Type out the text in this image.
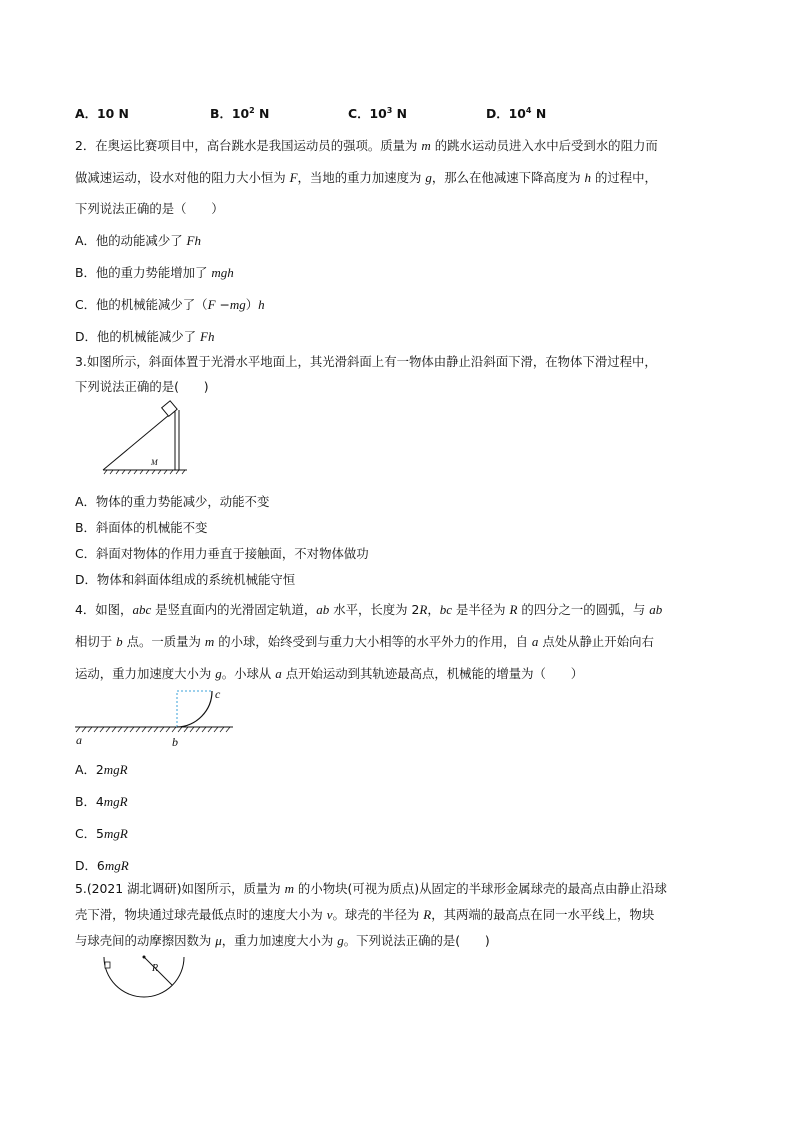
A．10 N	B．$10^2$ N	C．$10^3$ N	D．$10^4$ N
2．在奥运比赛项目中，高台跳水是我国运动员的强项。质量为 m 的跳水运动员进入水中后受到水的阻力而
做减速运动，设水对他的阻力大小恒为 F，当地的重力加速度为 g，那么在他减速下降高度为 h 的过程中，
下列说法正确的是（　　）
A．他的动能减少了 Fh
B．他的重力势能增加了 mgh
C．他的机械能减少了（F −mg）h
D．他的机械能减少了 Fh
3.如图所示，斜面体置于光滑水平地面上，其光滑斜面上有一物体由静止沿斜面下滑，在物体下滑过程中，
下列说法正确的是(　　)
M
A．物体的重力势能减少，动能不变
B．斜面体的机械能不变
C．斜面对物体的作用力垂直于接触面，不对物体做功
D．物体和斜面体组成的系统机械能守恒
4．如图，abc 是竖直面内的光滑固定轨道，ab 水平，长度为 2R，bc 是半径为 R 的四分之一的圆弧，与 ab
相切于 b 点。一质量为 m 的小球，始终受到与重力大小相等的水平外力的作用，自 a 点处从静止开始向右
运动，重力加速度大小为 g。小球从 a 点开始运动到其轨迹最高点，机械能的增量为（　　）
a	b
c
A．2mgR
B．4mgR
C．5mgR
D．6mgR
5.(2021 湖北调研)如图所示，质量为 m 的小物块(可视为质点)从固定的半球形金属球壳的最高点由静止沿球
壳下滑，物块通过球壳最低点时的速度大小为 v。球壳的半径为 R，其两端的最高点在同一水平线上，物块
与球壳间的动摩擦因数为 μ，重力加速度大小为 g。下列说法正确的是(　　)
R
